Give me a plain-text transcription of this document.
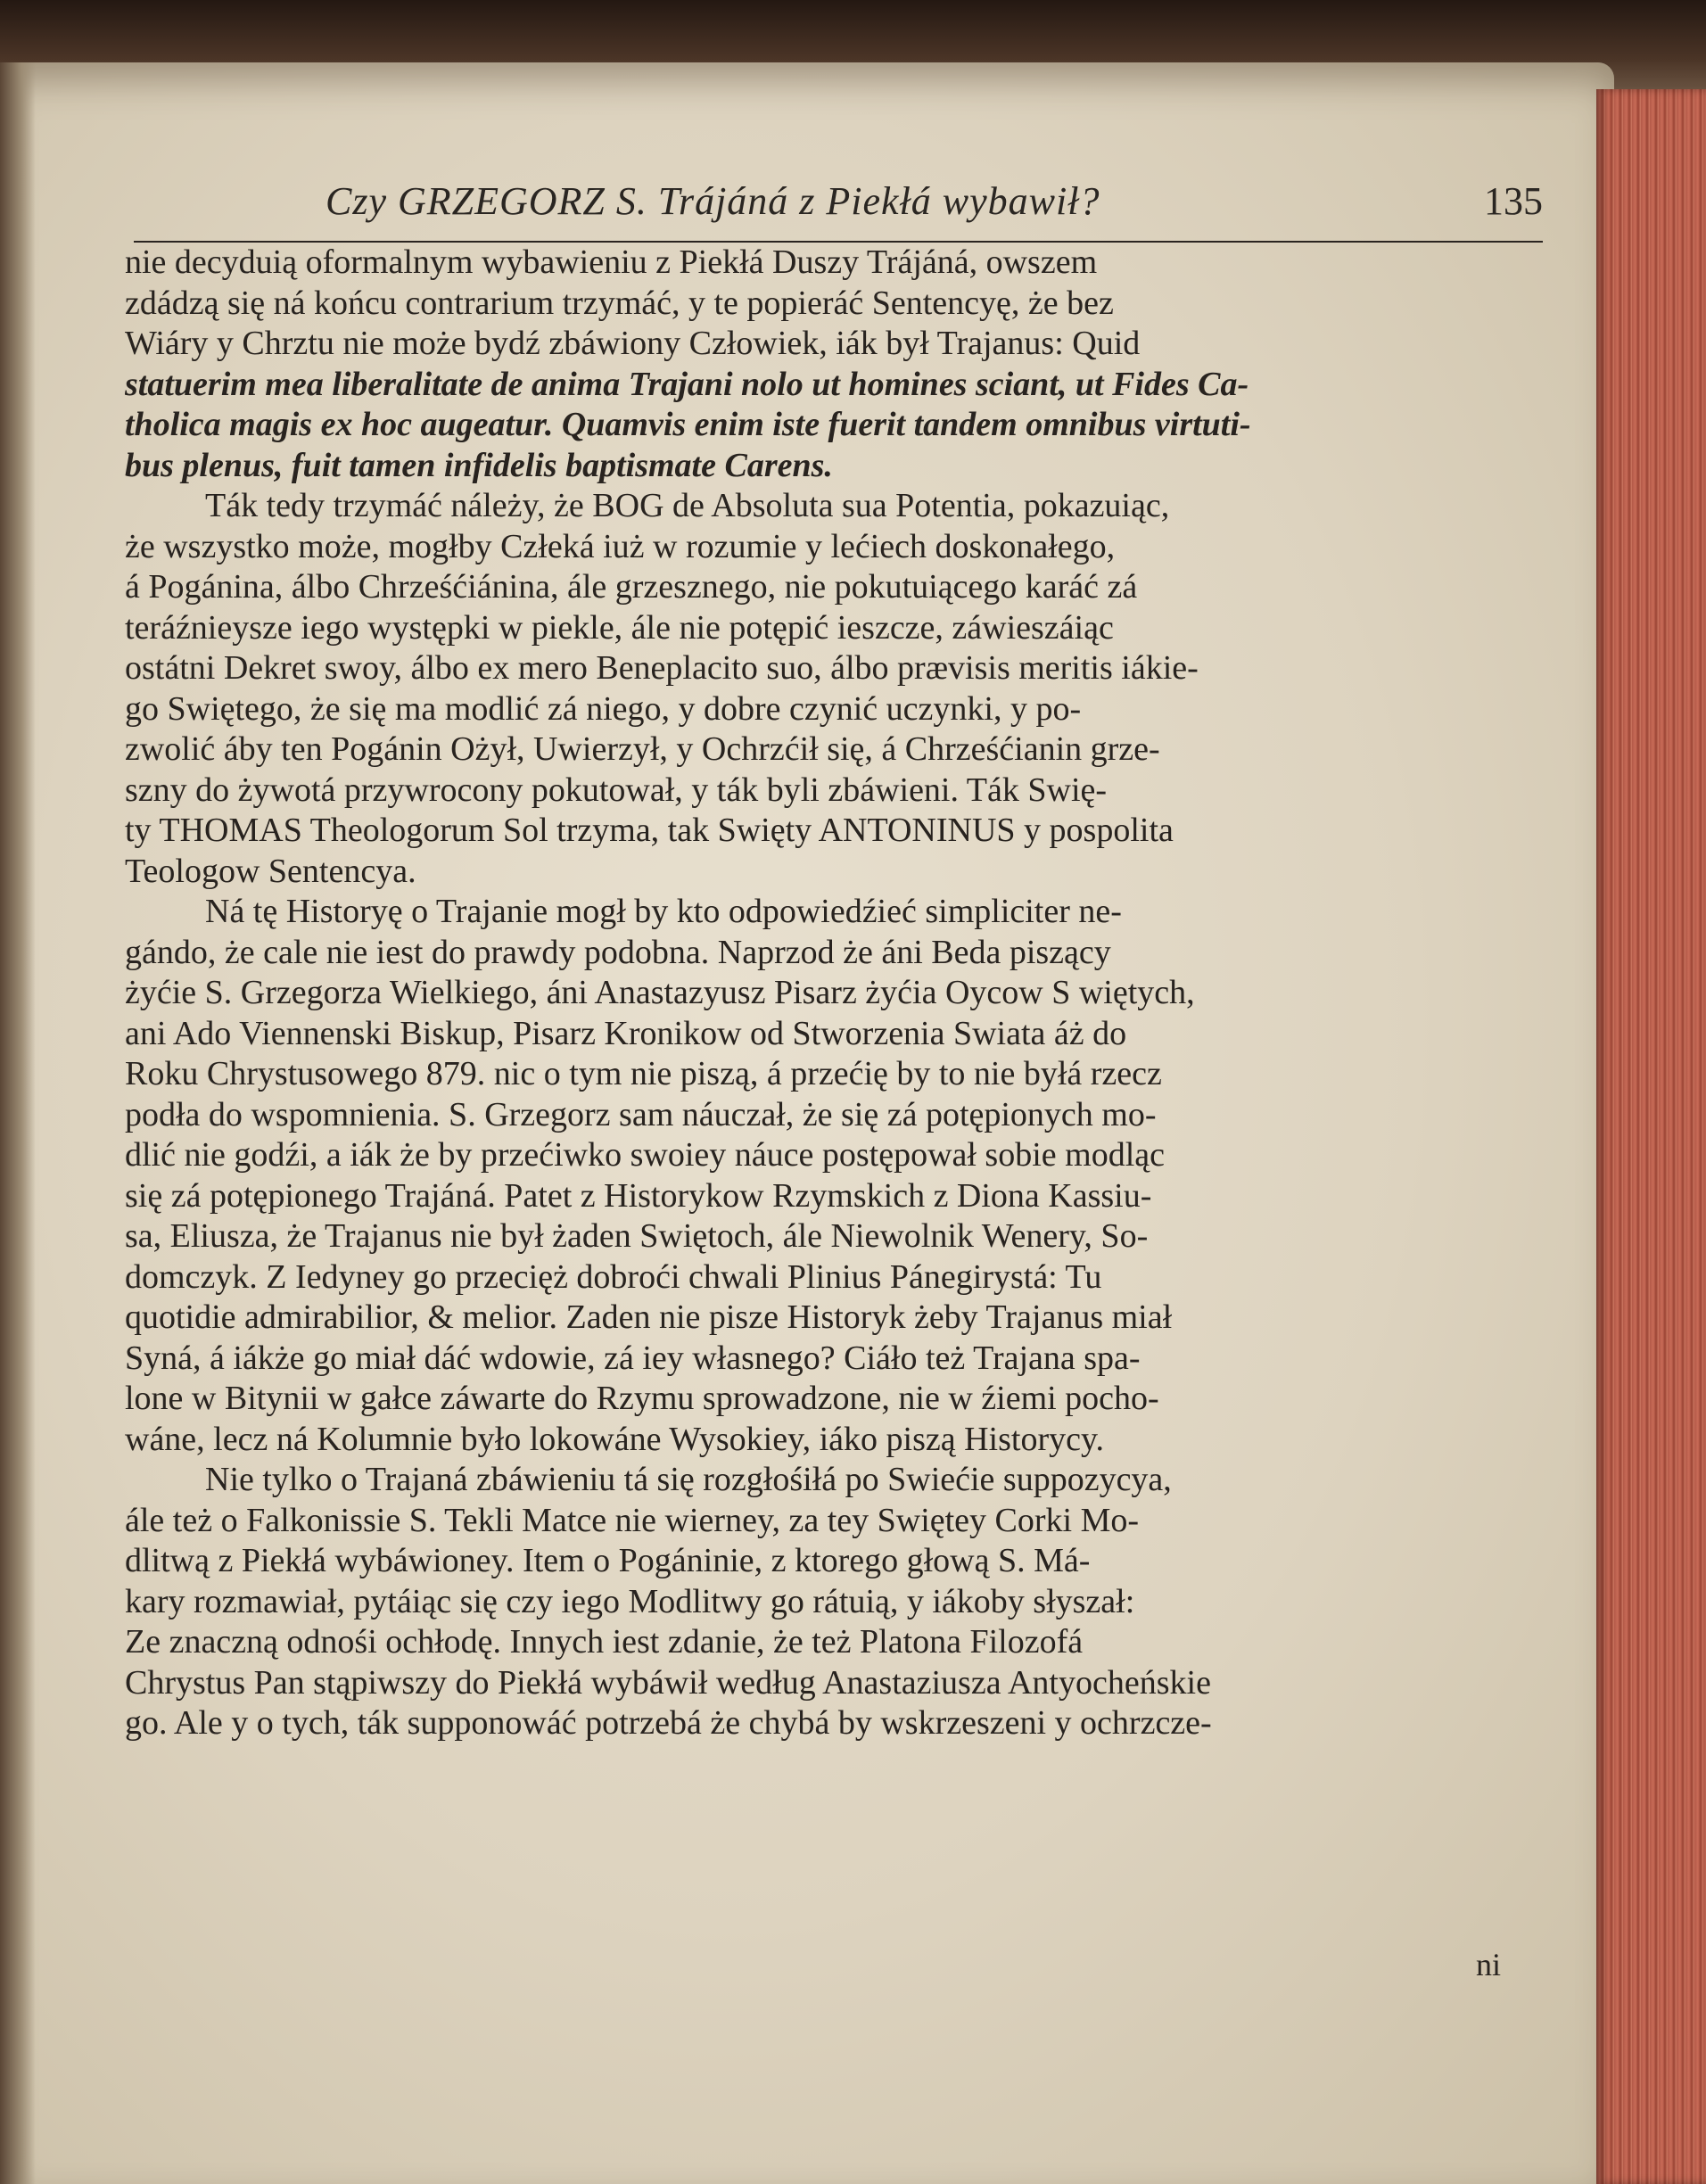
Czy GRZEGORZ S. Trájáná z Piekłá wybawił?	135
nie decyduią oformalnym wybawieniu z Piekłá Duszy Trájáná, owszem
zdádzą się ná końcu contrarium trzymáć, y te popieráć Sentencyę, że bez
Wiáry y Chrztu nie może bydź zbáwiony Człowiek, iák był Trajanus: Quid
statuerim mea liberalitate de anima Trajani nolo ut homines sciant, ut Fides Ca-
tholica magis ex hoc augeatur. Quamvis enim iste fuerit tandem omnibus virtuti-
bus plenus, fuit tamen infidelis baptismate Carens.
Ták tedy trzymáć náleży, że BOG de Absoluta sua Potentia, pokazuiąc,
że wszystko może, mogłby Człeká iuż w rozumie y lećiech doskonałego,
á Pogánina, álbo Chrześćiánina, ále grzesznego, nie pokutuiącego karáć zá
teráźnieysze iego występki w piekle, ále nie potępić ieszcze, záwieszáiąc
ostátni Dekret swoy, álbo ex mero Beneplacito suo, álbo prævisis meritis iákie-
go Swiętego, że się ma modlić zá niego, y dobre czynić uczynki, y po-
zwolić áby ten Pogánin Ożył, Uwierzył, y Ochrzćił się, á Chrześćianin grze-
szny do żywotá przywrocony pokutował, y ták byli zbáwieni. Ták Swię-
ty THOMAS Theologorum Sol trzyma, tak Swięty ANTONINUS y pospolita
Teologow Sentencya.
Ná tę Historyę o Trajanie mogł by kto odpowiedźieć simpliciter ne-
gándo, że cale nie iest do prawdy podobna. Naprzod że áni Beda piszący
żyćie S. Grzegorza Wielkiego, áni Anastazyusz Pisarz żyćia Oycow S więtych,
ani Ado Viennenski Biskup, Pisarz Kronikow od Stworzenia Swiata áż do
Roku Chrystusowego 879. nic o tym nie piszą, á przećię by to nie byłá rzecz
podła do wspomnienia. S. Grzegorz sam náuczał, że się zá potępionych mo-
dlić nie godźi, a iák że by przećiwko swoiey náuce postępował sobie modląc
się zá potępionego Trajáná. Patet z Historykow Rzymskich z Diona Kassiu-
sa, Eliusza, że Trajanus nie był żaden Swiętoch, ále Niewolnik Wenery, So-
domczyk. Z Iedyney go przecięż dobroći chwali Plinius Pánegirystá: Tu
quotidie admirabilior, & melior. Zaden nie pisze Historyk żeby Trajanus miał
Syná, á iákże go miał dáć wdowie, zá iey własnego? Ciáło też Trajana spa-
lone w Bitynii w gałce záwarte do Rzymu sprowadzone, nie w źiemi pocho-
wáne, lecz ná Kolumnie było lokowáne Wysokiey, iáko piszą Historycy.
Nie tylko o Trajaná zbáwieniu tá się rozgłośiłá po Swiećie suppozycya,
ále też o Falkonissie S. Tekli Matce nie wierney, za tey Swiętey Corki Mo-
dlitwą z Piekłá wybáwioney. Item o Pogáninie, z ktorego głową S. Má-
kary rozmawiał, pytáiąc się czy iego Modlitwy go rátuią, y iákoby słyszał:
Ze znaczną odnośi ochłodę. Innych iest zdanie, że też Platona Filozofá
Chrystus Pan stąpiwszy do Piekłá wybáwił według Anastaziusza Antyocheńskie
go. Ale y o tych, ták supponowáć potrzebá że chybá by wskrzeszeni y ochrzcze-
ni
